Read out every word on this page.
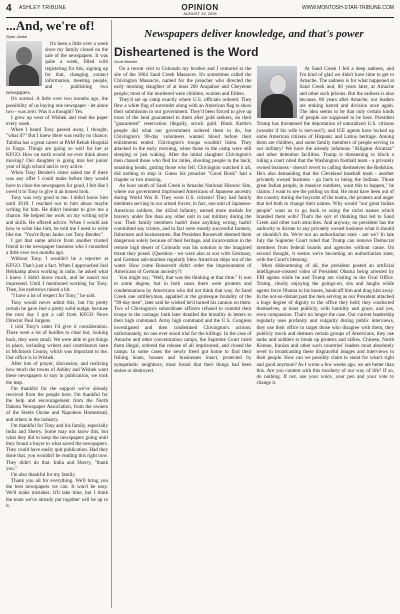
4 ASHLEY TRIBUNE	OPINION
AUGUST 13, 2025
WWW.MONTOSH-STAR-TRIBUNE.COM
...And, we're of!
Ryan Janke

It's been a little over a week since my family closed on the sale of the newspapers. It was quite a week, filled with registering for this, signing up for that, changing contact information, meeting people, and - publishing two newspapers.

It's surreal. A little over two months ago, the possibility of us buying one newspaper - let alone two - was zero. Was it a thought? Yes.

I grew up west of Wishek and read the paper every week.

When I heard Tony passed away, I thought, "what if?" But I knew there was really no chance. Tabitha has a great career at PAM Rehab Hospital in Fargo. Things are going so well for her at KFGO. How on earth would we ever think about moving? Our daughter is going into her junior year of high school and is very active.

When Tony Bender's sister asked me if there was any offer I could make before they would have to close the newspapers for good, I felt like I owed it to Tony to give it an honest look.

Tony was very good to me. I didn't know him until 2018. I reached out to him about maybe writing for him. He didn't hesitate to give me a chance. He helped me work on my writing style and skills. He offered advice. When I would ask how to write like him, he told me I need to write like me. "You're Ryan Janke, not Tony Bender."

I got that same advice from another trusted friend in the newspaper business who I consulted a little over two months ago.

Without Tony, I wouldn't be a reporter at KFGO. That's just a fact. When I approached Joel Heitkamp about working in radio, he asked what I knew. I didn't know much, and he wasn't too impressed. Until I mentioned working for Tony. Then, his eyebrows raised a bit.

"I have a lot of respect for Tony," he said.

Tony would never admit this, but I'm pretty certain he gave Joel a pretty solid nudge, because the next day I got a call from KFGO News Director Paul Jurgens.

I told Tony's sister I'd give it consideration. There were a lot of hurdles to clear but, looking back, they were small. We were able to get things in place, including writers and contributors here in McIntosh County, which was important to me. Our office is in Wishek.

After lots of prayer, discussion, and realizing how much the towns of Ashley and Wishek want these newspapers to stay in publication, we took the leap.

I'm thankful for the support we've already received from the people here. I'm thankful for the help and encouragement from the North Dakota Newspaper Association, from the owners of the Steele Ozone and Napoleon Homestead, and others in the industry.

I'm thankful for Tony and his family, especially India and Sherry. Some may not know this, but what they did to keep the newspapers going until they found a buyer to what saved the newspapers. They could have easily quit publication. Had they done that, you wouldn't be reading this right now. They didn't do that. India and Sherry, "thank you."

I'm also thankful for my family.

Thank you all for everything. We'll bring you the best newspapers we can. It won't be easy. We'll make mistakes. It'll take time, but I think the team we've already put together will be up to it.

Newspapers deliver knowledge, and that's power
Disheartened is the Word
Scott Bender

On a recent visit to Colorado my brother and I ventured to the site of the 1864 Sand Creek Massacre. It's sometimes called the Chivington Massacre, named for the preacher who directed the early morning slaughter of at least 200 Arapahoe and Cheyenne people; most of the murdered were children, women and Elders.

They'd set up camp exactly where U.S. officials ordered. They flew a white flag of surrender along with an American flag to show their submission to our government. They'd been forced to give up most of the land guaranteed to them after gold seekers, on their "guaranteed" reservation illegally, struck gold. Black Kettle's people did what our government ordered them to do, but Chivington's 90-day volunteers wanted blood before their enlistments ended. Chivington's troops wouldn't listen. They attacked in the early morning, when those in the camp were still sleeping or just waking. After the initial slaughter Chivington's men chased those who fled for miles, shooting people in the back; smashing heads, gutting those who fell. Chivington watched it all, did nothing to stop it. Guess his preacher "Good Book" had a chapter or two missing.

An hour south of Sand Creek is Amache National Historic Site, where our government imprisoned Americans of Japanese ancestry during World War II. They were U.S. citizens! They had family members serving in our armed forces; in fact, one unit of Japanese-American soldiers, the 442nd Infantry, earned more medals for bravery under fire than any other unit in our military during the war. Their family members hadn't done anything wrong, hadn't committed any crimes, and in fact were mostly successful farmers, fishermen and businessmen. But President Roosevelt deemed them dangerous solely because of their heritage, and incarceration in the remote high desert of Colorado was his solution to the imagined threat they posed. (Question - we were also at war with Germany, and German sub-marines regularly blew American ships out of the water. How come Roosevelt didn't order the imprisonment of Americans of German ancestry?)

You might say, "Well, that was the thinking at that time." It was to some degree, but in both cases there were protests and condemnations by Americans who did not think that way. At Sand Creek one artilleryman, appalled at the grotesque brutality of the "90-day men", later said he wished he'd turned his cannon on them. Two of Chivington's subordinate officers refused to commit their troops to the carnage; both later detailed the brutality in letters to their high command. Army high command and the U.S. Congress investigated and then condemned Chivington's actions; unfortunately, no one ever stood trial for the killings. In the case of Amache and other concentration camps, the Supreme Court ruled them illegal, ordered the release of all imprisoned, and closed the camps. In some cases the newly freed got home to find their fishing boats, houses and businesses intact, protected by sympathetic neighbors; most found that their things had been stolen or destroyed.

At Sand Creek I felt a deep sadness, and I'm kind of glad we didn't have time to get to Amache. The sadness is for what happened at Sand Creek and, 80 years later, at Amache and other such prisons. But the sadness is also because, 80 years after Amache, our leaders are stoking hatred and division once again. The idea seems to be that only certain kinds of people are supposed to be here. President Trump has threatened the deportation of naturalized U.S. citizens (wonder if his wife is nervous?), and ICE agents have locked up some American citizens of Hispanic and Latino heritage. Among them are children, and some family members of people serving in our military! We have the already infamous "Alligator Alcatraz" and other detention facilities. Trump is threatening to block a ruling a court ruled that the Washington football team - a privately owned business - doesn't revert to calling themselves the Redskins. He's also demanding that the Cleveland baseball team - another privately owned business - go back to being the Indians. Those great Indian people, in massive numbers, want this to happen," he claims. I want to see the polling on that. He must have been out of the country during the boycotts of the teams, the protests and anger that led both to change their names. Why would "our great Indian people" want us to go back to using the racist names which branded them with? That's the sort of thinking that led to Sand Creek and other such atrocities. And anyway, no president has the authority to dictate to any privately owned business what it should or shouldn't do. We're not an authoritarian state - are we? In late July the Supreme Court ruled that Trump can remove Democrat members from federal boards and agencies without cause. On second thought, it seems we're becoming an authoritarian state, with the Court's blessing.

Most disheartening of all, the president posted an artificial intelligence-created video of President Obama being arrested by FBI agents while he and Trump are visiting in the Oval Office. Trump, clearly enjoying the goings-on, sits and laughs while agents force Obama to his knees, handcuff him and drag him away. In the not-so-distant past the men serving as our President attached a huge degree of dignity to the office they held; they conducted themselves, at least publicly, with humility and grace, and yes, even compassion. That's no longer the case. Our current leadership regularly uses profanity and vulgarity during public interviews, they use their office to target those who disagree with them, they publicly mock and demean certain groups of Americans, they use tanks and soldiers to break up protests and rallies. Chinese, North Korean, Iranian and other such countries' leaders must absolutely revel in broadcasting these disgraceful images and interviews to their people. How can we possibly claim to stand for what's right and good anymore? As I wrote a few weeks ago, we are better than this. Are you content with this mockery of our way of life? If so, do nothing. If not, use your voice, your pen and your vote to change it.
